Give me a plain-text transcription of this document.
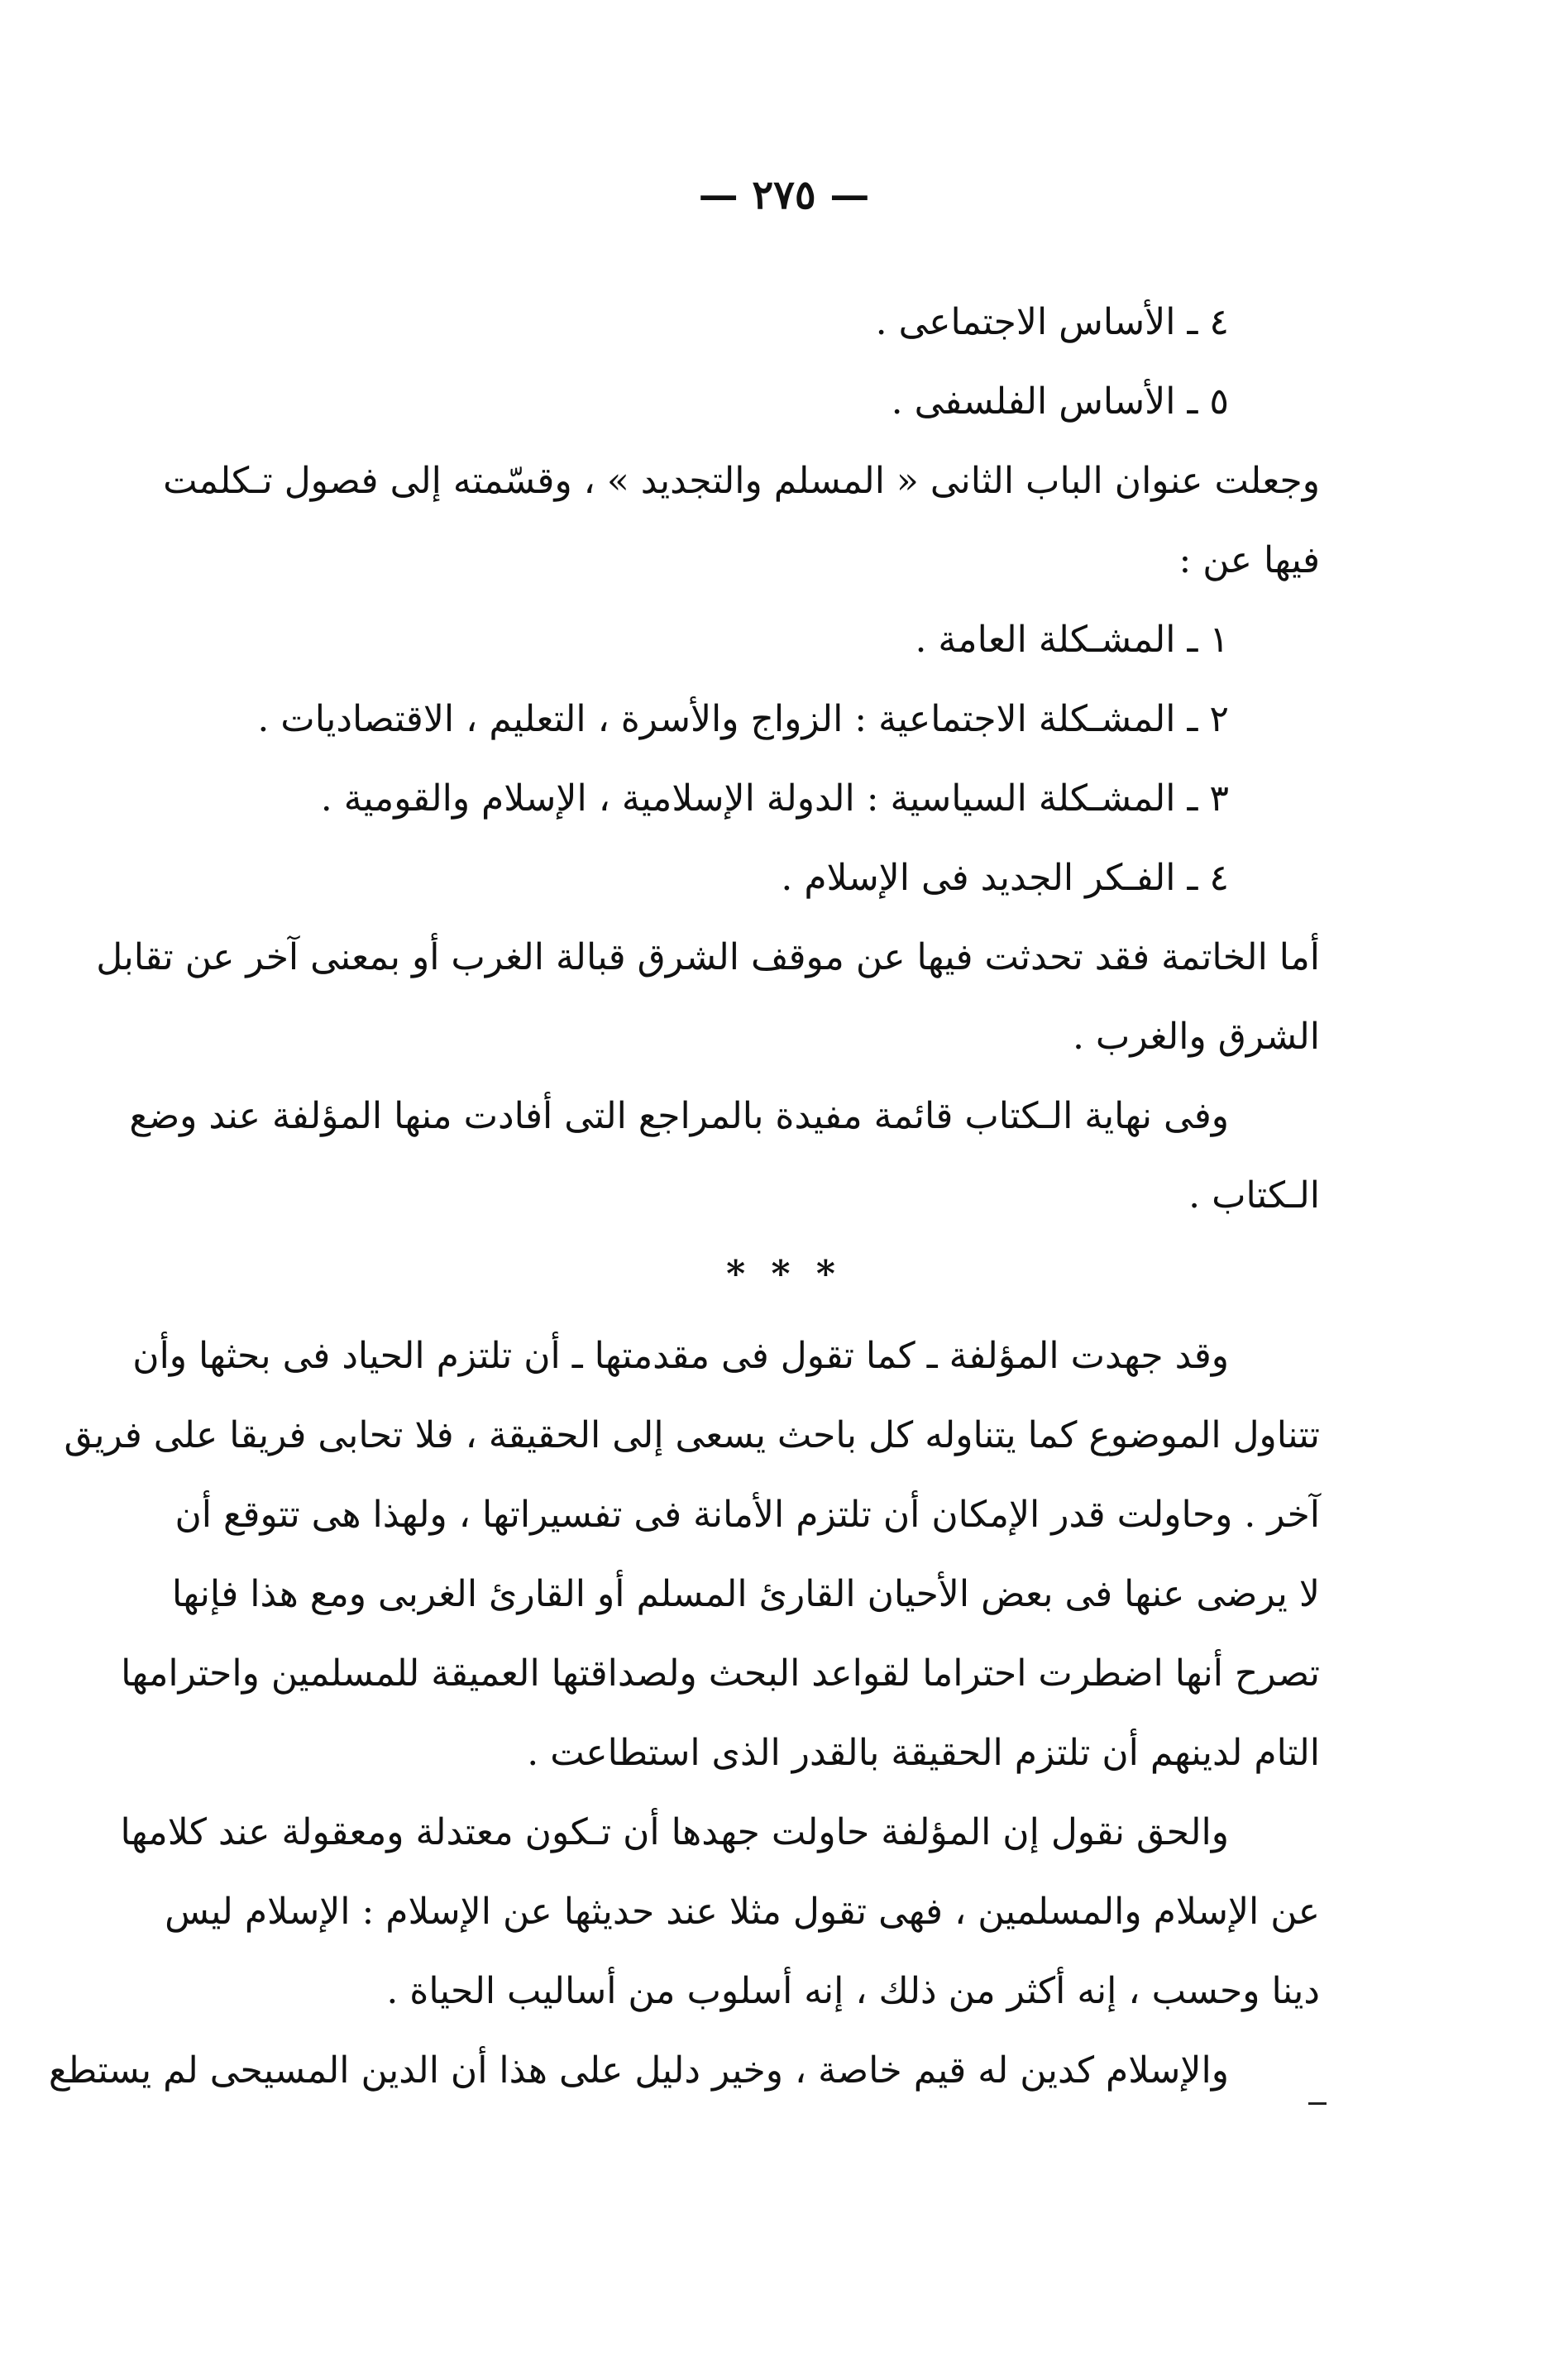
— ٢٧٥ —
٤ ـ الأساس الاجتماعى .
٥ ـ الأساس الفلسفى .
وجعلت عنوان الباب الثانى « المسلم والتجديد » ، وقسّمته إلى فصول تـكلمت
فيها عن :
١ ـ المشـكلة العامة .
٢ ـ المشـكلة الاجتماعية : الزواج والأسرة ، التعليم ، الاقتصاديات .
٣ ـ المشـكلة السياسية : الدولة الإسلامية ، الإسلام والقومية .
٤ ـ الفـكر الجديد فى الإسلام .
أما الخاتمة فقد تحدثت فيها عن موقف الشرق قبالة الغرب أو بمعنى آخر عن تقابل
الشرق والغرب .
وفى نهاية الـكتاب قائمة مفيدة بالمراجع التى أفادت منها المؤلفة عند وضع
الـكتاب .
* * *
وقد جهدت المؤلفة ـ كما تقول فى مقدمتها ـ أن تلتزم الحياد فى بحثها وأن
تتناول الموضوع كما يتناوله كل باحث يسعى إلى الحقيقة ، فلا تحابى فريقا على فريق
آخر . وحاولت قدر الإمكان أن تلتزم الأمانة فى تفسيراتها ، ولهذا هى تتوقع أن
لا يرضى عنها فى بعض الأحيان القارئ المسلم أو القارئ الغربى ومع هذا فإنها
تصرح أنها اضطرت احتراما لقواعد البحث ولصداقتها العميقة للمسلمين واحترامها
التام لدينهم أن تلتزم الحقيقة بالقدر الذى استطاعت .
والحق نقول إن المؤلفة حاولت جهدها أن تـكون معتدلة ومعقولة عند كلامها
عن الإسلام والمسلمين ، فهى تقول مثلا عند حديثها عن الإسلام : الإسلام ليس
دينا وحسب ، إنه أكثر من ذلك ، إنه أسلوب من أساليب الحياة .
والإسلام كدين له قيم خاصة ، وخير دليل على هذا أن الدين المسيحى لم يستطع
